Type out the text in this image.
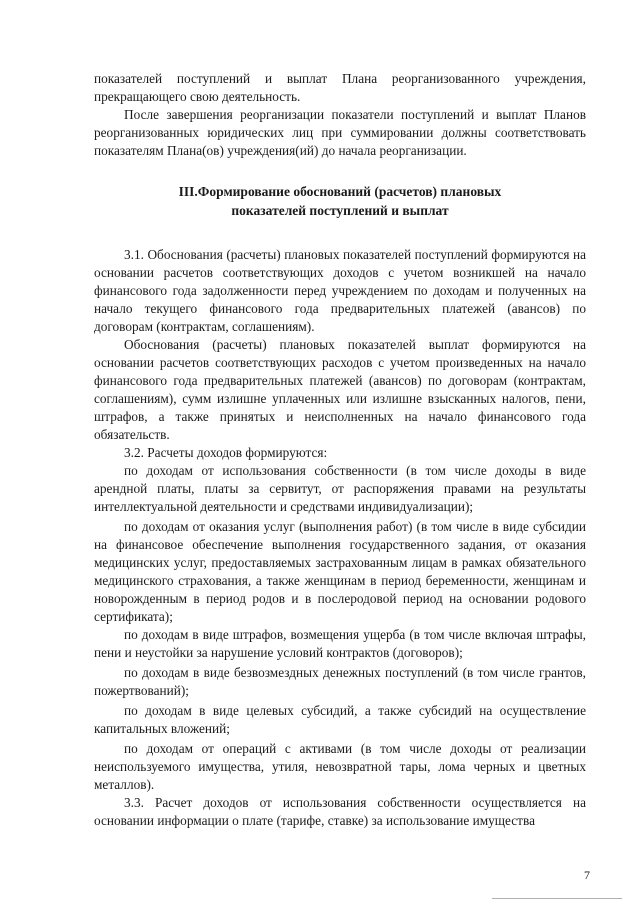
показателей поступлений и выплат Плана реорганизованного учреждения, прекращающего свою деятельность.

После завершения реорганизации показатели поступлений и выплат Планов реорганизованных юридических лиц при суммировании должны соответствовать показателям Плана(ов) учреждения(ий) до начала реорганизации.

III.Формирование обоснований (расчетов) плановых
показателей поступлений и выплат

3.1. Обоснования (расчеты) плановых показателей поступлений формируются на основании расчетов соответствующих доходов с учетом возникшей на начало финансового года задолженности перед учреждением по доходам и полученных на начало текущего финансового года предварительных платежей (авансов) по договорам (контрактам, соглашениям).

Обоснования (расчеты) плановых показателей выплат формируются на основании расчетов соответствующих расходов с учетом произведенных на начало финансового года предварительных платежей (авансов) по договорам (контрактам, соглашениям), сумм излишне уплаченных или излишне взысканных налогов, пени, штрафов, а также принятых и неисполненных на начало финансового года обязательств.

3.2. Расчеты доходов формируются:

по доходам от использования собственности (в том числе доходы в виде арендной платы, платы за сервитут, от распоряжения правами на результаты интеллектуальной деятельности и средствами индивидуализации);

по доходам от оказания услуг (выполнения работ) (в том числе в виде субсидии на финансовое обеспечение выполнения государственного задания, от оказания медицинских услуг, предоставляемых застрахованным лицам в рамках обязательного медицинского страхования, а также женщинам в период беременности, женщинам и новорожденным в период родов и в послеродовой период на основании родового сертификата);

по доходам в виде штрафов, возмещения ущерба (в том числе включая штрафы, пени и неустойки за нарушение условий контрактов (договоров);

по доходам в виде безвозмездных денежных поступлений (в том числе грантов, пожертвований);

по доходам в виде целевых субсидий, а также субсидий на осуществление капитальных вложений;

по доходам от операций с активами (в том числе доходы от реализации неиспользуемого имущества, утиля, невозвратной тары, лома черных и цветных металлов).

3.3. Расчет доходов от использования собственности осуществляется на основании информации о плате (тарифе, ставке) за использование имущества

7
